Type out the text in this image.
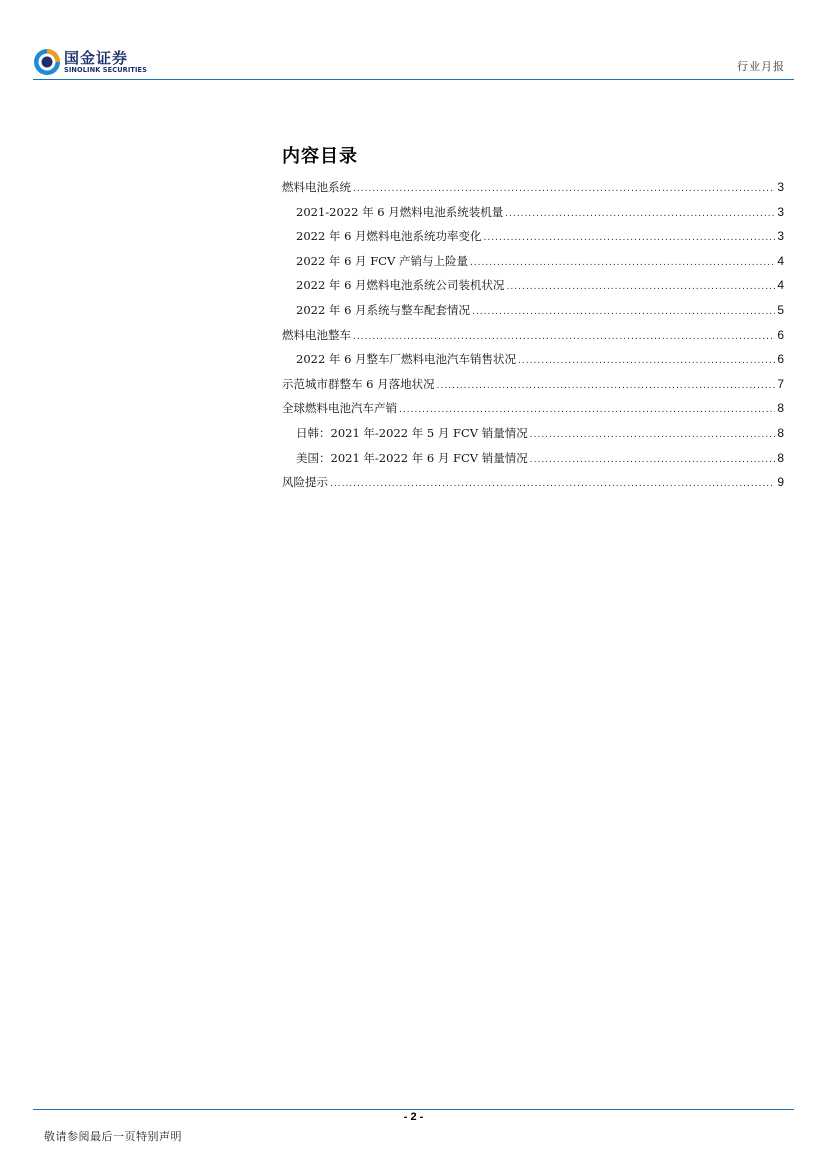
国金证券
SINOLINK SECURITIES	行业月报
内容目录
燃料电池系统 .....	3
2021-2022 年 6 月燃料电池系统装机量 .....	3
2022 年 6 月燃料电池系统功率变化 .....	3
2022 年 6 月 FCV 产销与上险量 .....	4
2022 年 6 月燃料电池系统公司装机状况 .....	4
2022 年 6 月系统与整车配套情况 .....	5
燃料电池整车 .....	6
2022 年 6 月整车厂燃料电池汽车销售状况 .....	6
示范城市群整车 6 月落地状况 .....	7
全球燃料电池汽车产销 .....	8
日韩：2021 年-2022 年 5 月 FCV 销量情况 .....	8
美国：2021 年-2022 年 6 月 FCV 销量情况 .....	8
风险提示 .....	9
- 2 -
敬请参阅最后一页特别声明
